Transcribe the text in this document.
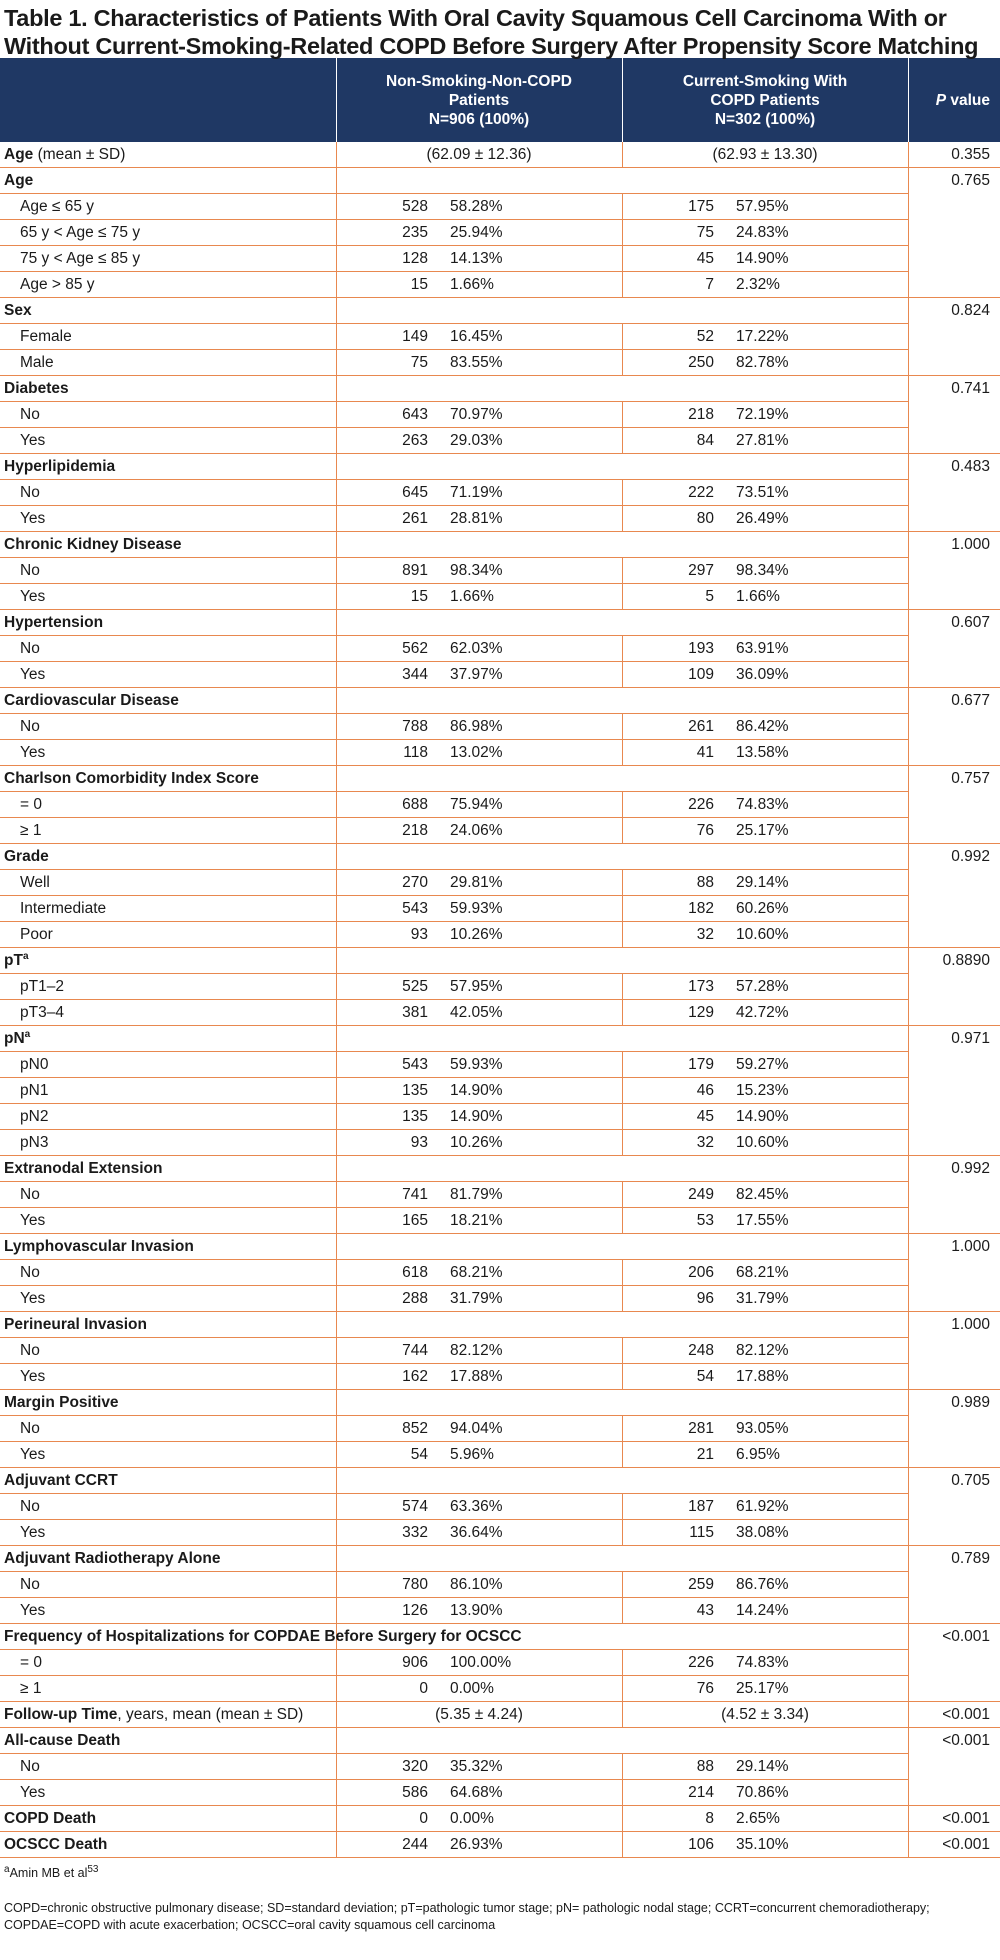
Table 1. Characteristics of Patients With Oral Cavity Squamous Cell Carcinoma With or
Without Current-Smoking-Related COPD Before Surgery After Propensity Score Matching

	Non-Smoking-Non-COPD
Patients
N=906 (100%)		Current-Smoking With
COPD Patients
N=302 (100%)		P value
Age (mean ± SD)	(62.09 ± 12.36)		(62.93 ± 13.30)		0.355
Age					0.765
Age ≤ 65 y	528	58.28%	175	57.95%	
65 y < Age ≤ 75 y	235	25.94%	75	24.83%	
75 y < Age ≤ 85 y	128	14.13%	45	14.90%	
Age > 85 y	15	1.66%	7	2.32%	
Sex					0.824
Female	149	16.45%	52	17.22%	
Male	75	83.55%	250	82.78%	
Diabetes					0.741
No	643	70.97%	218	72.19%	
Yes	263	29.03%	84	27.81%	
Hyperlipidemia					0.483
No	645	71.19%	222	73.51%	
Yes	261	28.81%	80	26.49%	
Chronic Kidney Disease					1.000
No	891	98.34%	297	98.34%	
Yes	15	1.66%	5	1.66%	
Hypertension					0.607
No	562	62.03%	193	63.91%	
Yes	344	37.97%	109	36.09%	
Cardiovascular Disease					0.677
No	788	86.98%	261	86.42%	
Yes	118	13.02%	41	13.58%	
Charlson Comorbidity Index Score					0.757
= 0	688	75.94%	226	74.83%	
≥ 1	218	24.06%	76	25.17%	
Grade					0.992
Well	270	29.81%	88	29.14%	
Intermediate	543	59.93%	182	60.26%	
Poor	93	10.26%	32	10.60%	
$pT^a$					0.8890
pT1–2	525	57.95%	173	57.28%	
pT3–4	381	42.05%	129	42.72%	
$pN^a$					0.971
pN0	543	59.93%	179	59.27%	
pN1	135	14.90%	46	15.23%	
pN2	135	14.90%	45	14.90%	
pN3	93	10.26%	32	10.60%	
Extranodal Extension					0.992
No	741	81.79%	249	82.45%	
Yes	165	18.21%	53	17.55%	
Lymphovascular Invasion					1.000
No	618	68.21%	206	68.21%	
Yes	288	31.79%	96	31.79%	
Perineural Invasion					1.000
No	744	82.12%	248	82.12%	
Yes	162	17.88%	54	17.88%	
Margin Positive					0.989
No	852	94.04%	281	93.05%	
Yes	54	5.96%	21	6.95%	
Adjuvant CCRT					0.705
No	574	63.36%	187	61.92%	
Yes	332	36.64%	115	38.08%	
Adjuvant Radiotherapy Alone					0.789
No	780	86.10%	259	86.76%	
Yes	126	13.90%	43	14.24%	
Frequency of Hospitalizations for COPDAE Before Surgery for OCSCC					<0.001
= 0	906	100.00%	226	74.83%	
≥ 1	0	0.00%	76	25.17%	
Follow-up Time, years, mean (mean ± SD)	(5.35 ± 4.24)		(4.52 ± 3.34)		<0.001
All-cause Death					<0.001
No	320	35.32%	88	29.14%	
Yes	586	64.68%	214	70.86%	
COPD Death	0	0.00%	8	2.65%	<0.001
OCSCC Death	244	26.93%	106	35.10%	<0.001
$^a$Amin MB et $al^{53}$
COPD=chronic obstructive pulmonary disease; SD=standard deviation; pT=pathologic tumor stage; pN= pathologic nodal stage; CCRT=concurrent chemoradiotherapy;
COPDAE=COPD with acute exacerbation; OCSCC=oral cavity squamous cell carcinoma
